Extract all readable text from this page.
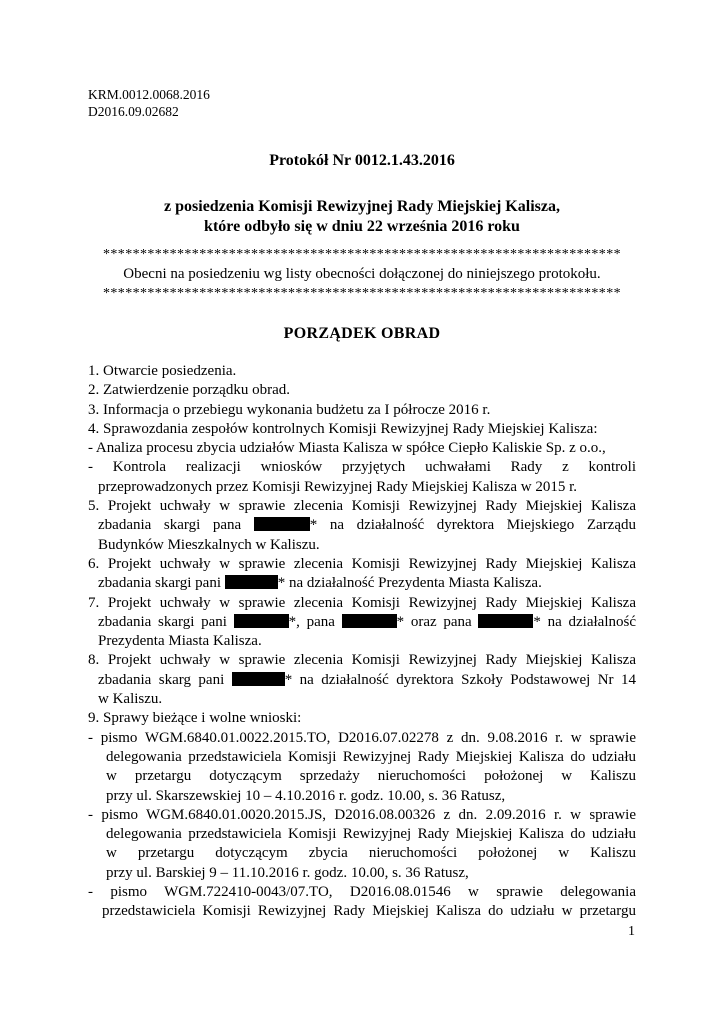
KRM.0012.0068.2016
D2016.09.02682
Protokół Nr 0012.1.43.2016
z posiedzenia Komisji Rewizyjnej Rady Miejskiej Kalisza,
które odbyło się w dniu 22 września 2016 roku
**********************************************************************
Obecni na posiedzeniu wg listy obecności dołączonej do niniejszego protokołu.
**********************************************************************
PORZĄDEK OBRAD
1. Otwarcie posiedzenia.
2. Zatwierdzenie porządku obrad.
3. Informacja o przebiegu wykonania budżetu za I półrocze 2016 r.
4. Sprawozdania zespołów kontrolnych Komisji Rewizyjnej Rady Miejskiej Kalisza:
- Analiza procesu zbycia udziałów Miasta Kalisza w spółce Ciepło Kaliskie Sp. z o.o.,
- Kontrola realizacji wniosków przyjętych uchwałami Rady z kontroli
przeprowadzonych przez Komisji Rewizyjnej Rady Miejskiej Kalisza w 2015 r.
5. Projekt uchwały w sprawie zlecenia Komisji Rewizyjnej Rady Miejskiej Kalisza
zbadania skargi pana	* na działalność dyrektora Miejskiego Zarządu
Budynków Mieszkalnych w Kaliszu.
6. Projekt uchwały w sprawie zlecenia Komisji Rewizyjnej Rady Miejskiej Kalisza
zbadania skargi pani	* na działalność Prezydenta Miasta Kalisza.
7. Projekt uchwały w sprawie zlecenia Komisji Rewizyjnej Rady Miejskiej Kalisza
zbadania skargi pani	*, pana	* oraz pana	* na działalność
Prezydenta Miasta Kalisza.
8. Projekt uchwały w sprawie zlecenia Komisji Rewizyjnej Rady Miejskiej Kalisza
zbadania skarg pani	* na działalność dyrektora Szkoły Podstawowej Nr 14
w Kaliszu.
9. Sprawy bieżące i wolne wnioski:
- pismo WGM.6840.01.0022.2015.TO, D2016.07.02278 z dn. 9.08.2016 r. w sprawie
delegowania przedstawiciela Komisji Rewizyjnej Rady Miejskiej Kalisza do udziału
w przetargu dotyczącym sprzedaży nieruchomości położonej w Kaliszu
przy ul. Skarszewskiej 10 – 4.10.2016 r. godz. 10.00, s. 36 Ratusz,
- pismo WGM.6840.01.0020.2015.JS, D2016.08.00326 z dn. 2.09.2016 r. w sprawie
delegowania przedstawiciela Komisji Rewizyjnej Rady Miejskiej Kalisza do udziału
w przetargu dotyczącym zbycia nieruchomości położonej w Kaliszu
przy ul. Barskiej 9 – 11.10.2016 r. godz. 10.00, s. 36 Ratusz,
- pismo WGM.722410-0043/07.TO, D2016.08.01546 w sprawie delegowania
przedstawiciela Komisji Rewizyjnej Rady Miejskiej Kalisza do udziału w przetargu
1
